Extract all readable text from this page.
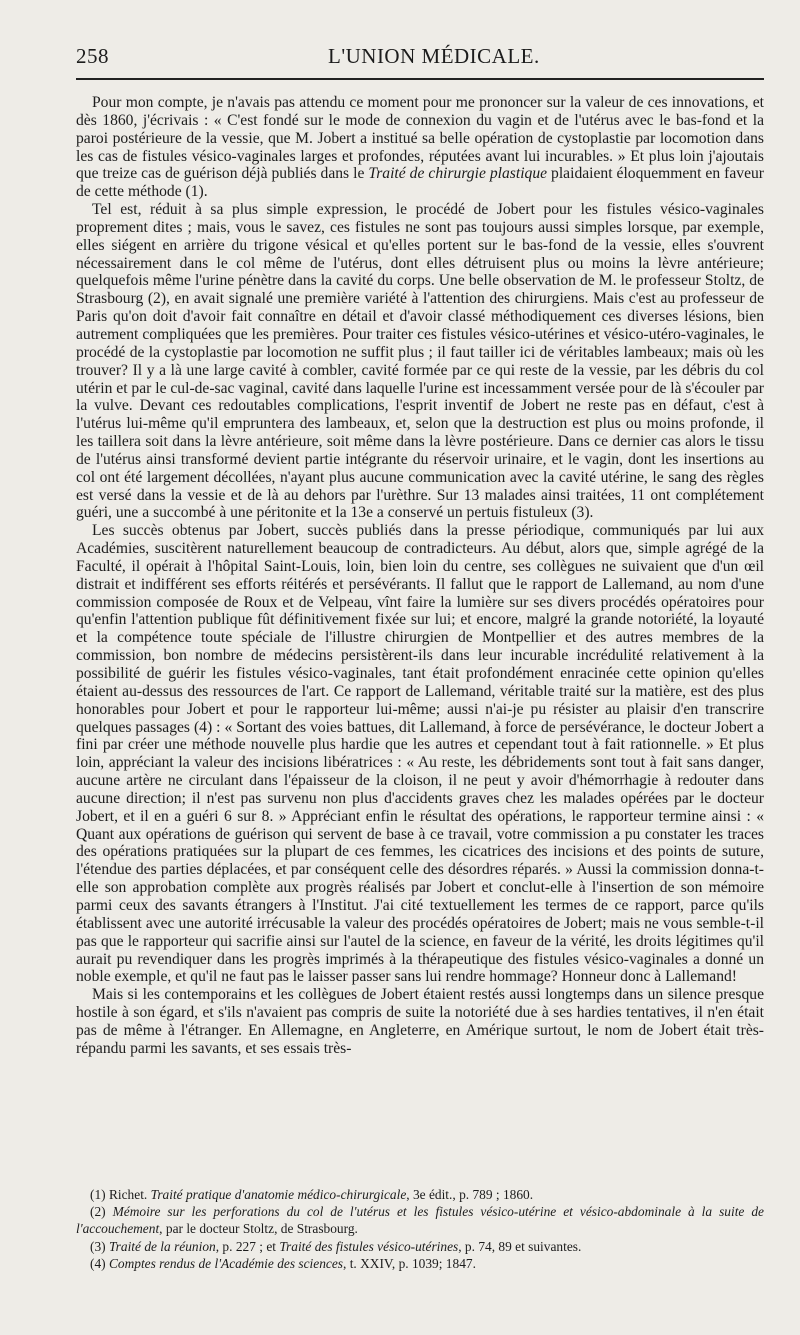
258	L'UNION MÉDICALE.

Pour mon compte, je n'avais pas attendu ce moment pour me prononcer sur la valeur de ces innovations, et dès 1860, j'écrivais : « C'est fondé sur le mode de connexion du vagin et de l'utérus avec le bas-fond et la paroi postérieure de la vessie, que M. Jobert a institué sa belle opération de cystoplastie par locomotion dans les cas de fistules vésico-vaginales larges et profondes, réputées avant lui incurables. » Et plus loin j'ajoutais que treize cas de guérison déjà publiés dans le Traité de chirurgie plastique plaidaient éloquemment en faveur de cette méthode (1).

Tel est, réduit à sa plus simple expression, le procédé de Jobert pour les fistules vésico-vaginales proprement dites ; mais, vous le savez, ces fistules ne sont pas toujours aussi simples lorsque, par exemple, elles siégent en arrière du trigone vésical et qu'elles portent sur le bas-fond de la vessie, elles s'ouvrent nécessairement dans le col même de l'utérus, dont elles détruisent plus ou moins la lèvre antérieure; quelquefois même l'urine pénètre dans la cavité du corps. Une belle observation de M. le professeur Stoltz, de Strasbourg (2), en avait signalé une première variété à l'attention des chirurgiens. Mais c'est au professeur de Paris qu'on doit d'avoir fait connaître en détail et d'avoir classé méthodiquement ces diverses lésions, bien autrement compliquées que les premières. Pour traiter ces fistules vésico-utérines et vésico-utéro-vaginales, le procédé de la cystoplastie par locomotion ne suffit plus ; il faut tailler ici de véritables lambeaux; mais où les trouver? Il y a là une large cavité à combler, cavité formée par ce qui reste de la vessie, par les débris du col utérin et par le cul-de-sac vaginal, cavité dans laquelle l'urine est incessamment versée pour de là s'écouler par la vulve. Devant ces redoutables complications, l'esprit inventif de Jobert ne reste pas en défaut, c'est à l'utérus lui-même qu'il emprunterа des lambeaux, et, selon que la destruction est plus ou moins profonde, il les taillera soit dans la lèvre antérieure, soit même dans la lèvre postérieure. Dans ce dernier cas alors le tissu de l'utérus ainsi transformé devient partie intégrante du réservoir urinaire, et le vagin, dont les insertions au col ont été largement décollées, n'ayant plus aucune communication avec la cavité utérine, le sang des règles est versé dans la vessie et de là au dehors par l'urèthre. Sur 13 malades ainsi traitées, 11 ont complétement guéri, une a succombé à une péritonite et la 13e a conservé un pertuis fistuleux (3).

Les succès obtenus par Jobert, succès publiés dans la presse périodique, communiqués par lui aux Académies, suscitèrent naturellement beaucoup de contradicteurs. Au début, alors que, simple agrégé de la Faculté, il opérait à l'hôpital Saint-Louis, loin, bien loin du centre, ses collègues ne suivaient que d'un œil distrait et indifférent ses efforts réitérés et persévérants. Il fallut que le rapport de Lallemand, au nom d'une commission composée de Roux et de Velpeau, vînt faire la lumière sur ses divers procédés opératoires pour qu'enfin l'attention publique fût définitivement fixée sur lui; et encore, malgré la grande notoriété, la loyauté et la compétence toute spéciale de l'illustre chirurgien de Montpellier et des autres membres de la commission, bon nombre de médecins persistèrent-ils dans leur incurable incrédulité relativement à la possibilité de guérir les fistules vésico-vaginales, tant était profondément enracinée cette opinion qu'elles étaient au-dessus des ressources de l'art. Ce rapport de Lallemand, véritable traité sur la matière, est des plus honorables pour Jobert et pour le rapporteur lui-même; aussi n'ai-je pu résister au plaisir d'en transcrire quelques passages (4) : « Sortant des voies battues, dit Lallemand, à force de persévérance, le docteur Jobert a fini par créer une méthode nouvelle plus hardie que les autres et cependant tout à fait rationnelle. » Et plus loin, appréciant la valeur des incisions libératrices : « Au reste, les débridements sont tout à fait sans danger, aucune artère ne circulant dans l'épaisseur de la cloison, il ne peut y avoir d'hémorrhagie à redouter dans aucune direction; il n'est pas survenu non plus d'accidents graves chez les malades opérées par le docteur Jobert, et il en a guéri 6 sur 8. » Appréciant enfin le résultat des opérations, le rapporteur termine ainsi : « Quant aux opérations de guérison qui servent de base à ce travail, votre commission a pu constater les traces des opérations pratiquées sur la plupart de ces femmes, les cicatrices des incisions et des points de suture, l'étendue des parties déplacées, et par conséquent celle des désordres réparés. » Aussi la commission donna-t-elle son approbation complète aux progrès réalisés par Jobert et conclut-elle à l'insertion de son mémoire parmi ceux des savants étrangers à l'Institut. J'ai cité textuellement les termes de ce rapport, parce qu'ils établissent avec une autorité irrécusable la valeur des procédés opératoires de Jobert; mais ne vous semble-t-il pas que le rapporteur qui sacrifie ainsi sur l'autel de la science, en faveur de la vérité, les droits légitimes qu'il aurait pu revendiquer dans les progrès imprimés à la thérapeutique des fistules vésico-vaginales a donné un noble exemple, et qu'il ne faut pas le laisser passer sans lui rendre hommage? Honneur donc à Lallemand!

Mais si les contemporains et les collègues de Jobert étaient restés aussi longtemps dans un silence presque hostile à son égard, et s'ils n'avaient pas compris de suite la notoriété due à ses hardies tentatives, il n'en était pas de même à l'étranger. En Allemagne, en Angleterre, en Amérique surtout, le nom de Jobert était très-répandu parmi les savants, et ses essais très-

(1) Richet. Traité pratique d'anatomie médico-chirurgicale, 3e édit., p. 789 ; 1860.

(2) Mémoire sur les perforations du col de l'utérus et les fistules vésico-utérine et vésico-abdominale à la suite de l'accouchement, par le docteur Stoltz, de Strasbourg.

(3) Traité de la réunion, p. 227 ; et Traité des fistules vésico-utérines, p. 74, 89 et suivantes.

(4) Comptes rendus de l'Académie des sciences, t. XXIV, p. 1039; 1847.
